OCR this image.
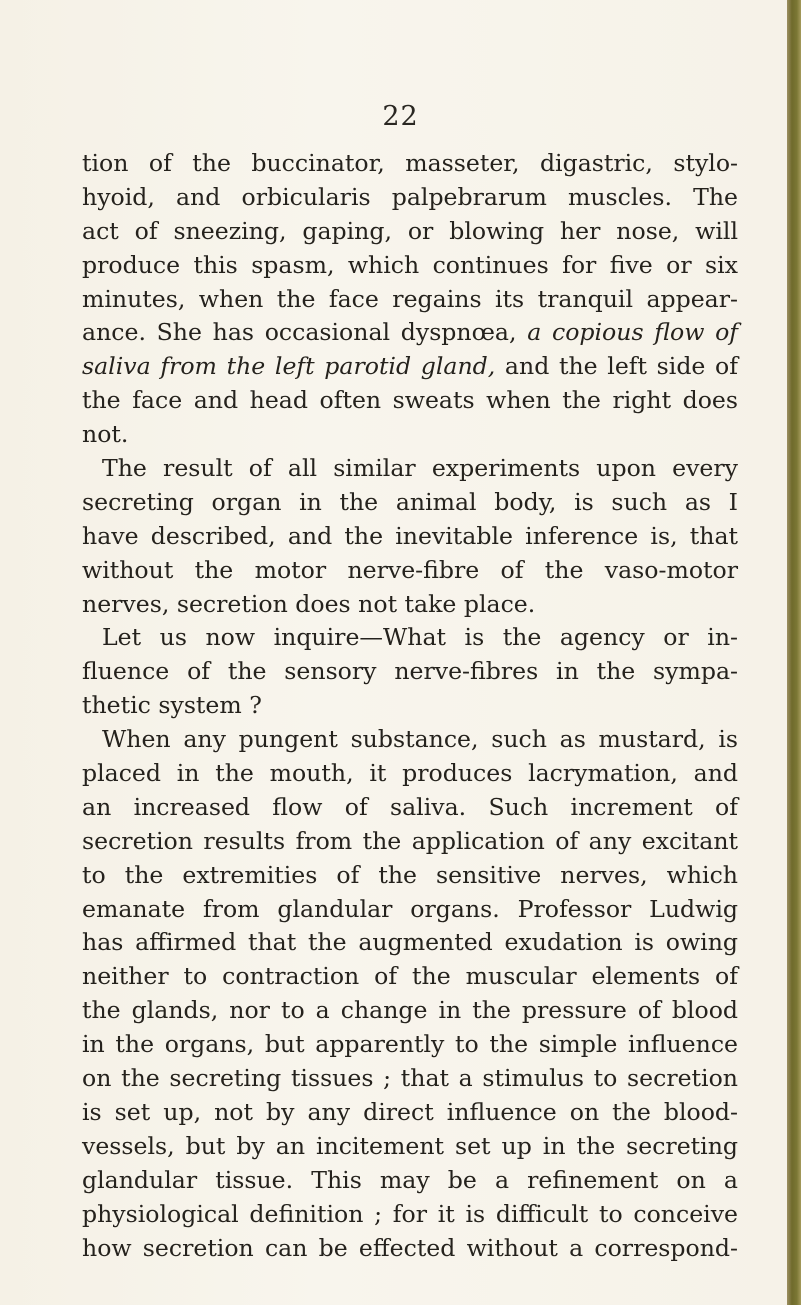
22
tion of the buccinator, masseter, digastric, stylo-
hyoid, and orbicularis palpebrarum muscles. The
act of sneezing, gaping, or blowing her nose, will
produce this spasm, which continues for five or six
minutes, when the face regains its tranquil appear-
ance. She has occasional dyspnœa, a copious flow of
saliva from the left parotid gland, and the left side of
the face and head often sweats when the right does
not.
The result of all similar experiments upon every
secreting organ in the animal body, is such as I
have described, and the inevitable inference is, that
without the motor nerve-fibre of the vaso-motor
nerves, secretion does not take place.
Let us now inquire—What is the agency or in-
fluence of the sensory nerve-fibres in the sympa-
thetic system ?
When any pungent substance, such as mustard, is
placed in the mouth, it produces lacrymation, and
an increased flow of saliva. Such increment of
secretion results from the application of any excitant
to the extremities of the sensitive nerves, which
emanate from glandular organs. Professor Ludwig
has affirmed that the augmented exudation is owing
neither to contraction of the muscular elements of
the glands, nor to a change in the pressure of blood
in the organs, but apparently to the simple influence
on the secreting tissues ; that a stimulus to secretion
is set up, not by any direct influence on the blood-
vessels, but by an incitement set up in the secreting
glandular tissue. This may be a refinement on a
physiological definition ; for it is difficult to conceive
how secretion can be effected without a correspond-
